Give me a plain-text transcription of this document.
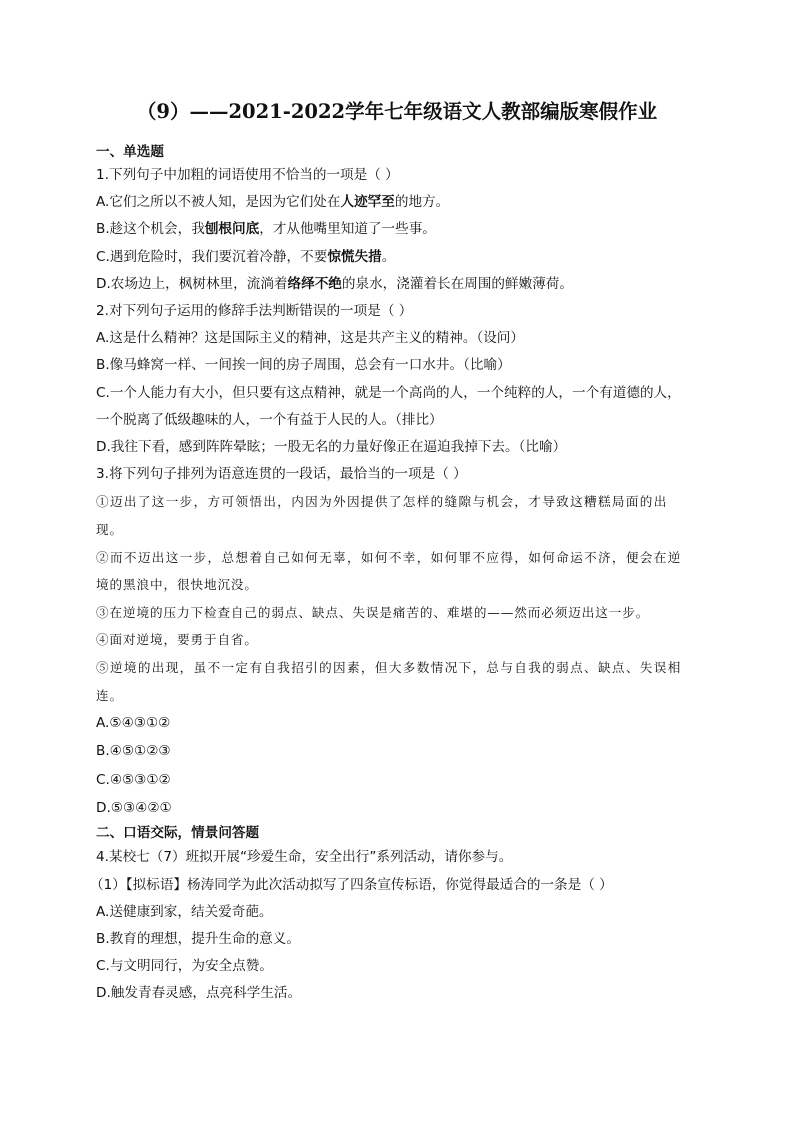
（9）——2021-2022学年七年级语文人教部编版寒假作业
一、单选题
1.下列句子中加粗的词语使用不恰当的一项是（ ）
A.它们之所以不被人知，是因为它们处在人迹罕至的地方。
B.趁这个机会，我刨根问底，才从他嘴里知道了一些事。
C.遇到危险时，我们要沉着冷静，不要惊慌失措。
D.农场边上，枫树林里，流淌着络绎不绝的泉水，浇灌着长在周围的鲜嫩薄荷。
2.对下列句子运用的修辞手法判断错误的一项是（ ）
A.这是什么精神？这是国际主义的精神，这是共产主义的精神。（设问）
B.像马蜂窝一样、一间挨一间的房子周围，总会有一口水井。（比喻）
C.一个人能力有大小，但只要有这点精神，就是一个高尚的人，一个纯粹的人，一个有道德的人，
一个脱离了低级趣味的人，一个有益于人民的人。（排比）
D.我往下看，感到阵阵晕眩；一股无名的力量好像正在逼迫我掉下去。（比喻）
3.将下列句子排列为语意连贯的一段话，最恰当的一项是（ ）
①迈出了这一步，方可领悟出，内因为外因提供了怎样的缝隙与机会，才导致这糟糕局面的出
现。
②而不迈出这一步，总想着自己如何无辜，如何不幸，如何罪不应得，如何命运不济，便会在逆
境的黑浪中，很快地沉没。
③在逆境的压力下检查自己的弱点、缺点、失误是痛苦的、难堪的——然而必须迈出这一步。
④面对逆境，要勇于自省。
⑤逆境的出现，虽不一定有自我招引的因素，但大多数情况下，总与自我的弱点、缺点、失误相
连。
A.⑤④③①②
B.④⑤①②③
C.④⑤③①②
D.⑤③④②①
二、口语交际，情景问答题
4.某校七（7）班拟开展“珍爱生命，安全出行”系列活动，请你参与。
（1）【拟标语】杨涛同学为此次活动拟写了四条宣传标语，你觉得最适合的一条是（ ）
A.送健康到家，结关爱奇葩。
B.教育的理想，提升生命的意义。
C.与文明同行，为安全点赞。
D.触发青春灵感，点亮科学生活。
